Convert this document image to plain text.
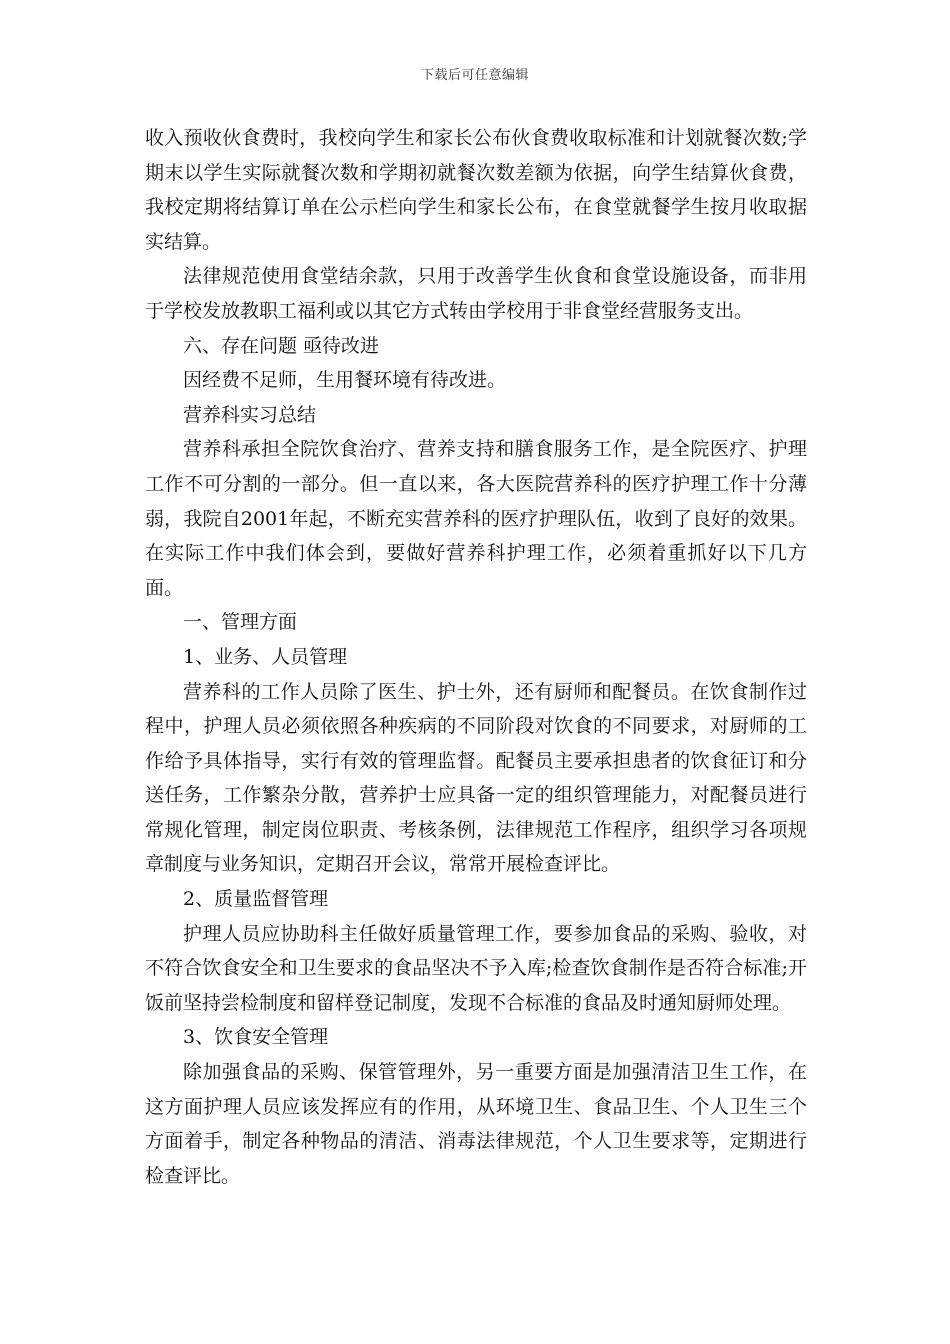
下载后可任意编辑

收入预收伙食费时，我校向学生和家长公布伙食费收取标准和计划就餐次数;学期末以学生实际就餐次数和学期初就餐次数差额为依据，向学生结算伙食费，我校定期将结算订单在公示栏向学生和家长公布，在食堂就餐学生按月收取据实结算。

法律规范使用食堂结余款，只用于改善学生伙食和食堂设施设备，而非用于学校发放教职工福利或以其它方式转由学校用于非食堂经营服务支出。

六、存在问题 亟待改进

因经费不足师，生用餐环境有待改进。

营养科实习总结

营养科承担全院饮食治疗、营养支持和膳食服务工作，是全院医疗、护理工作不可分割的一部分。但一直以来，各大医院营养科的医疗护理工作十分薄弱，我院自2001年起，不断充实营养科的医疗护理队伍，收到了良好的效果。在实际工作中我们体会到，要做好营养科护理工作，必须着重抓好以下几方面。

一、管理方面

1、业务、人员管理

营养科的工作人员除了医生、护士外，还有厨师和配餐员。在饮食制作过程中，护理人员必须依照各种疾病的不同阶段对饮食的不同要求，对厨师的工作给予具体指导，实行有效的管理监督。配餐员主要承担患者的饮食征订和分送任务，工作繁杂分散，营养护士应具备一定的组织管理能力，对配餐员进行常规化管理，制定岗位职责、考核条例，法律规范工作程序，组织学习各项规章制度与业务知识，定期召开会议，常常开展检查评比。

2、质量监督管理

护理人员应协助科主任做好质量管理工作，要参加食品的采购、验收，对不符合饮食安全和卫生要求的食品坚决不予入库;检查饮食制作是否符合标准;开饭前坚持尝检制度和留样登记制度，发现不合标准的食品及时通知厨师处理。

3、饮食安全管理

除加强食品的采购、保管管理外，另一重要方面是加强清洁卫生工作，在这方面护理人员应该发挥应有的作用，从环境卫生、食品卫生、个人卫生三个方面着手，制定各种物品的清洁、消毒法律规范，个人卫生要求等，定期进行检查评比。
